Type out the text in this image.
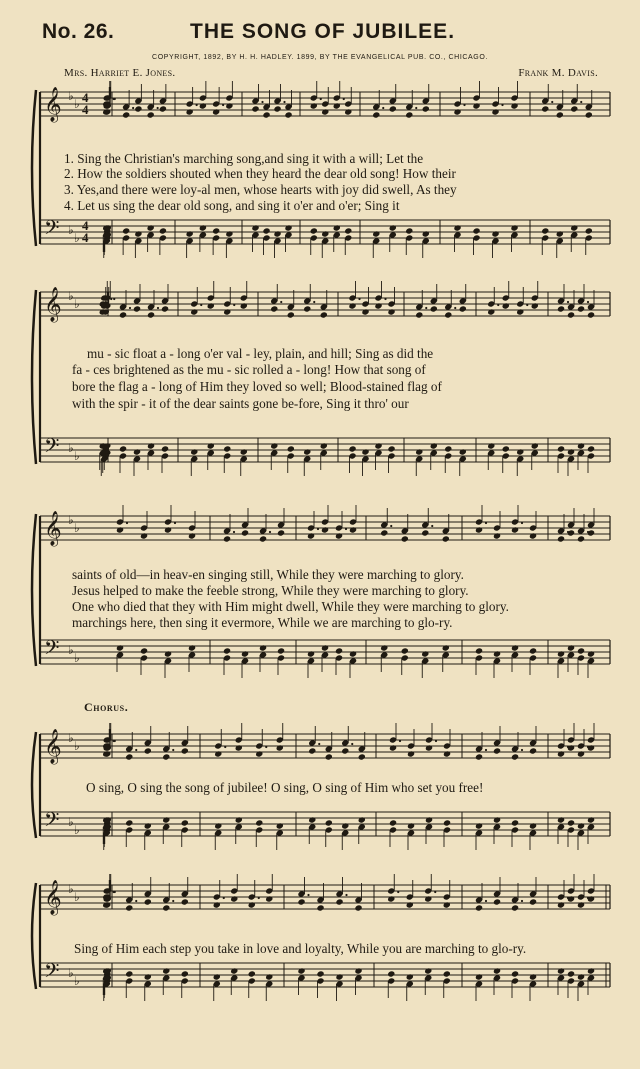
No. 26.	THE SONG OF JUBILEE.
COPYRIGHT, 1892, BY H. H. HADLEY. 1899, BY THE EVANGELICAL PUB. CO., CHICAGO.
Mrs. Harriet E. Jones.	Frank M. Davis.
𝄞
𝄢
♭
♭
♭
♭
4
4
4
4
𝄞
𝄢
♭
♭
♭
♭
𝄞
𝄢
♭
♭
♭
♭
𝄞
𝄢
♭
♭
♭
♭
𝄞
𝄢
♭
♭
♭
♭
1. Sing the Christian's marching song,and sing it with a will; Let the
2. How the soldiers shouted when they heard the dear old song! How their
3. Yes,and there were loy-al men, whose hearts with joy did swell, As they
4. Let us sing the dear old song, and sing it o'er and o'er; Sing it
mu - sic float a - long o'er val - ley, plain, and hill; Sing as did the
fa - ces brightened as the mu - sic rolled a - long! How that song of
bore the flag a - long of Him they loved so well; Blood-stained flag of
with the spir - it of the dear saints gone be-fore, Sing it thro' our
saints of old—in heav-en singing still, While they were marching to glory.
Jesus helped to make the feeble strong, While they were marching to glory.
One who died that they with Him might dwell, While they were marching to glory.
marchings here, then sing it evermore, While we are marching to glo-ry.
Chorus.
O sing, O sing the song of jubilee! O sing, O sing of Him who set you free!
Sing of Him each step you take in love and loyalty, While you are marching to glo-ry.
